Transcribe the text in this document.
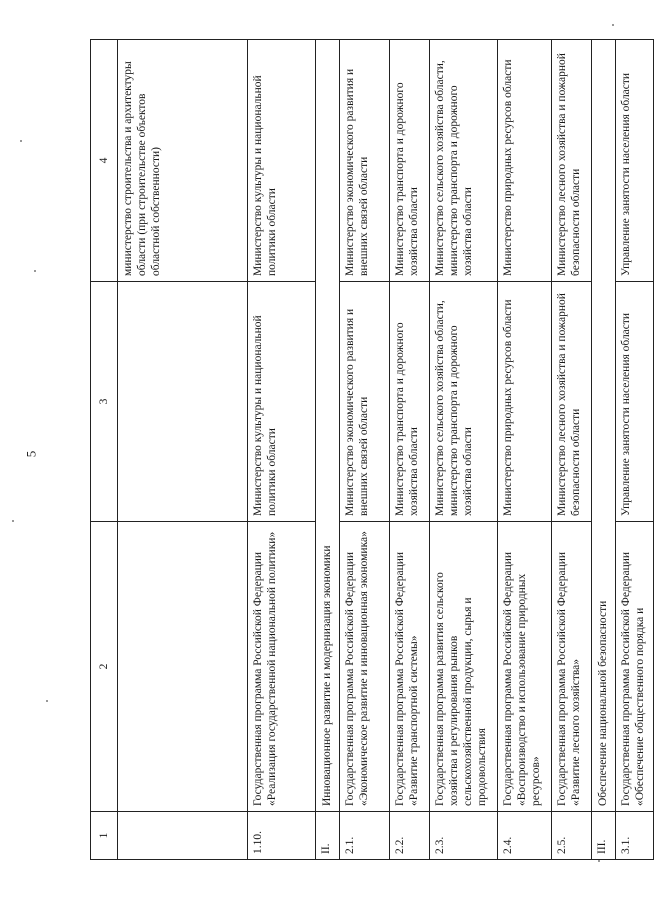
5
1	2	3	4
			министерство строительства и архитектуры области (при строительстве объектов областной собственности)
1.10.	Государственная программа Российской Федерации «Реализация государственной национальной политики»	Министерство культуры и национальной политики области	Министерство культуры и национальной политики области
II.	Инновационное развитие и модернизация экономики		
2.1.	Государственная программа Российской Федерации «Экономическое развитие и инновационная экономика»	Министерство экономического развития и внешних связей области	Министерство экономического развития и внешних связей области
2.2.	Государственная программа Российской Федерации «Развитие транспортной системы»	Министерство транспорта и дорожного хозяйства области	Министерство транспорта и дорожного хозяйства области
2.3.	Государственная программа развития сельского хозяйства и регулирования рынков сельскохозяйственной продукции, сырья и продовольствия	Министерство сельского хозяйства области, министерство транспорта и дорожного хозяйства области	Министерство сельского хозяйства области, министерство транспорта и дорожного хозяйства области
2.4.	Государственная программа Российской Федерации «Воспроизводство и использование природных ресурсов»	Министерство природных ресурсов области	Министерство природных ресурсов области
2.5.	Государственная программа Российской Федерации «Развитие лесного хозяйства»	Министерство лесного хозяйства и пожарной безопасности области	Министерство лесного хозяйства и пожарной безопасности области
III.	Обеспечение национальной безопасности		
3.1.	Государственная программа Российской Федерации «Обеспечение общественного порядка и	Управление занятости населения области	Управление занятости населения области
